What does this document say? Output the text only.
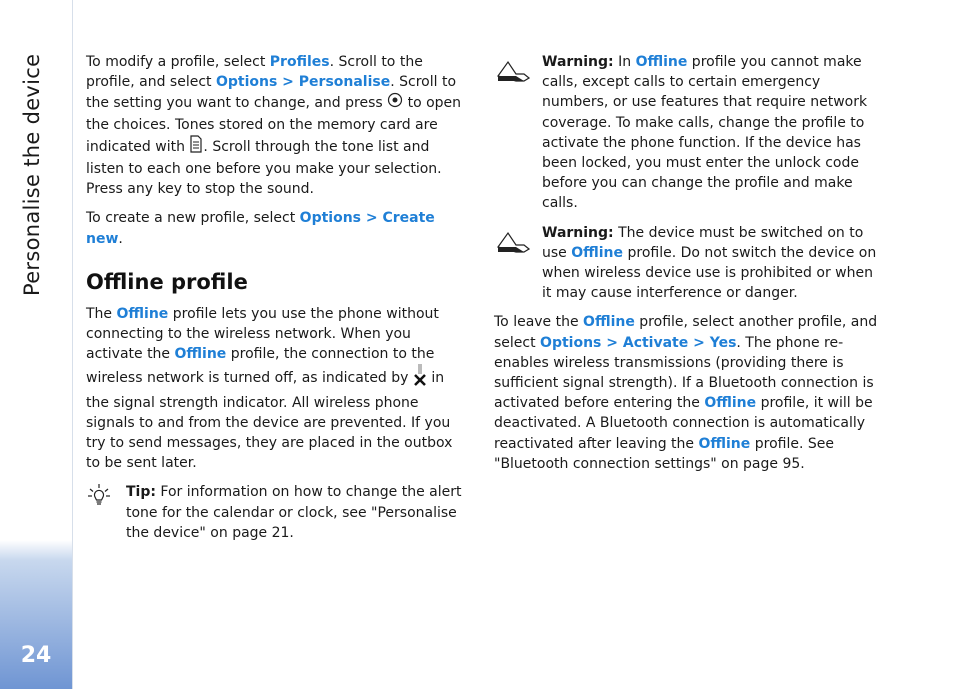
Personalise the device
24

To modify a profile, select Profiles. Scroll to the profile, and select Options > Personalise. Scroll to the setting you want to change, and press  to open the choices. Tones stored on the memory card are indicated with . Scroll through the tone list and listen to each one before you make your selection. Press any key to stop the sound.

To create a new profile, select Options > Create new.

Offline profile

The Offline profile lets you use the phone without connecting to the wireless network. When you activate the Offline profile, the connection to the wireless network is turned off, as indicated by  in the signal strength indicator. All wireless phone signals to and from the device are prevented. If you try to send messages, they are placed in the outbox to be sent later.

Tip: For information on how to change the alert tone for the calendar or clock, see "Personalise the device" on page 21.
Warning: In Offline profile you cannot make calls, except calls to certain emergency numbers, or use features that require network coverage. To make calls, change the profile to activate the phone function. If the device has been locked, you must enter the unlock code before you can change the profile and make calls.
Warning: The device must be switched on to use Offline profile. Do not switch the device on when wireless device use is prohibited or when it may cause interference or danger.

To leave the Offline profile, select another profile, and select Options > Activate > Yes. The phone re-enables wireless transmissions (providing there is sufficient signal strength). If a Bluetooth connection is activated before entering the Offline profile, it will be deactivated. A Bluetooth connection is automatically reactivated after leaving the Offline profile. See "Bluetooth connection settings" on page 95.
